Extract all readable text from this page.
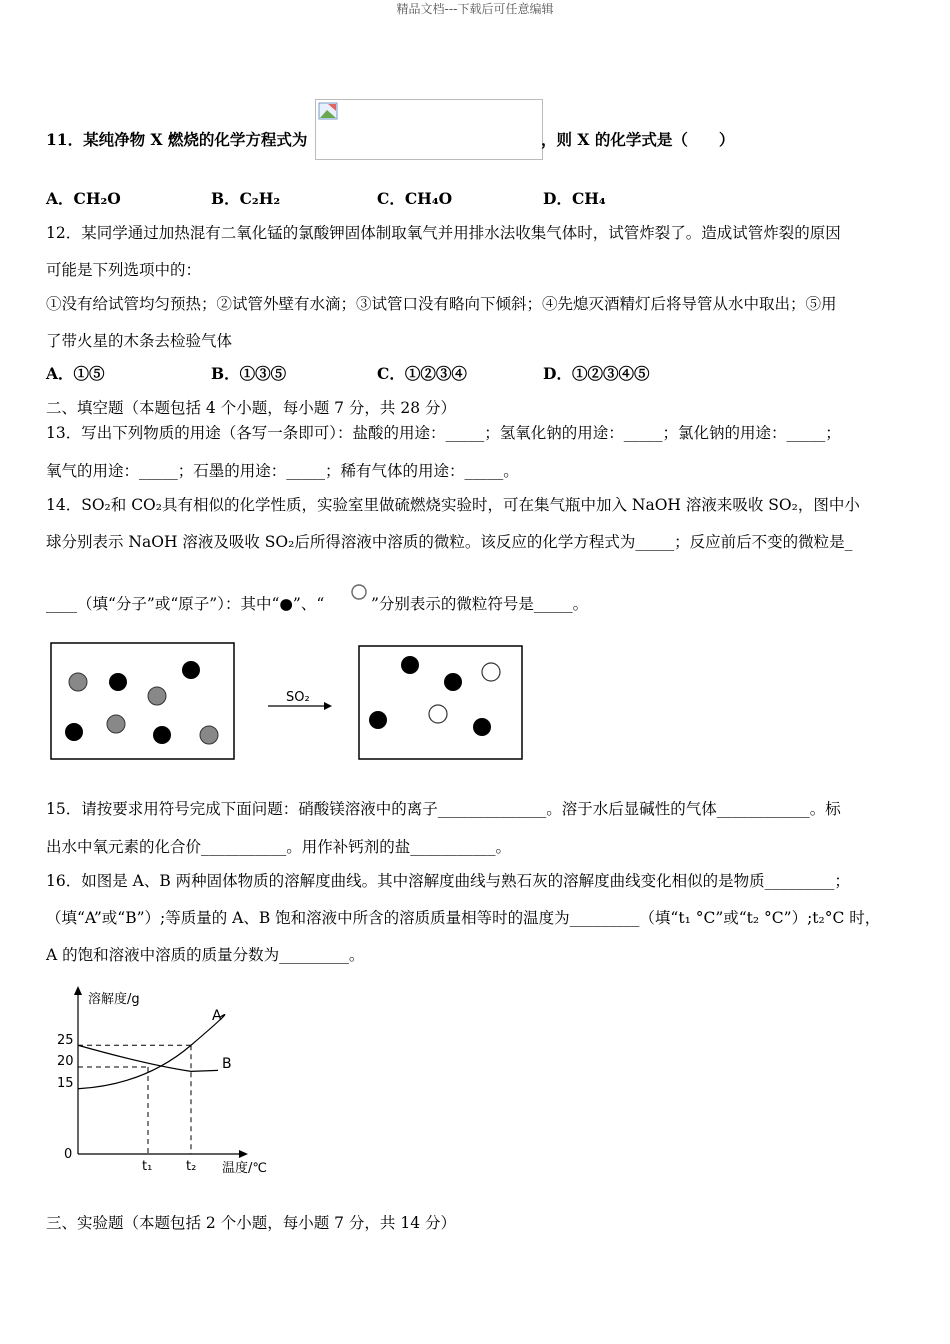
精品文档---下载后可任意编辑
11．某纯净物 X 燃烧的化学方程式为	，则 X 的化学式是（　　）
A．CH₂O	B．C₂H₂	C．CH₄O	D．CH₄
12．某同学通过加热混有二氧化锰的氯酸钾固体制取氧气并用排水法收集气体时，试管炸裂了。造成试管炸裂的原因
可能是下列选项中的：
①没有给试管均匀预热；②试管外壁有水滴；③试管口没有略向下倾斜；④先熄灭酒精灯后将导管从水中取出；⑤用
了带火星的木条去检验气体
A．①⑤	B．①③⑤	C．①②③④	D．①②③④⑤
二、填空题（本题包括 4 个小题，每小题 7 分，共 28 分）
13．写出下列物质的用途（各写一条即可）：盐酸的用途：_____；氢氧化钠的用途：_____；氯化钠的用途：_____；
氧气的用途：_____；石墨的用途：_____；稀有气体的用途：_____。
14．SO₂和 CO₂具有相似的化学性质，实验室里做硫燃烧实验时，可在集气瓶中加入 NaOH 溶液来吸收 SO₂，图中小
球分别表示 NaOH 溶液及吸收 SO₂后所得溶液中溶质的微粒。该反应的化学方程式为_____；反应前后不变的微粒是_
____（填“分子”或“原子”）：其中“●”、“	”分别表示的微粒符号是_____。
SO₂
15．请按要求用符号完成下面问题：硝酸镁溶液中的离子______________。溶于水后显碱性的气体____________。标
出水中氧元素的化合价___________。用作补钙剂的盐___________。
16．如图是 A、B 两种固体物质的溶解度曲线。其中溶解度曲线与熟石灰的溶解度曲线变化相似的是物质_________；
（填“A”或“B”）;等质量的 A、B 饱和溶液中所含的溶质质量相等时的温度为_________（填“t₁ °C”或“t₂ °C”）;t₂°C 时，
A 的饱和溶液中溶质的质量分数为_________。
溶解度/g
温度/℃
25
20
15
0
t₁	t₂
A
B
三、实验题（本题包括 2 个小题，每小题 7 分，共 14 分）
